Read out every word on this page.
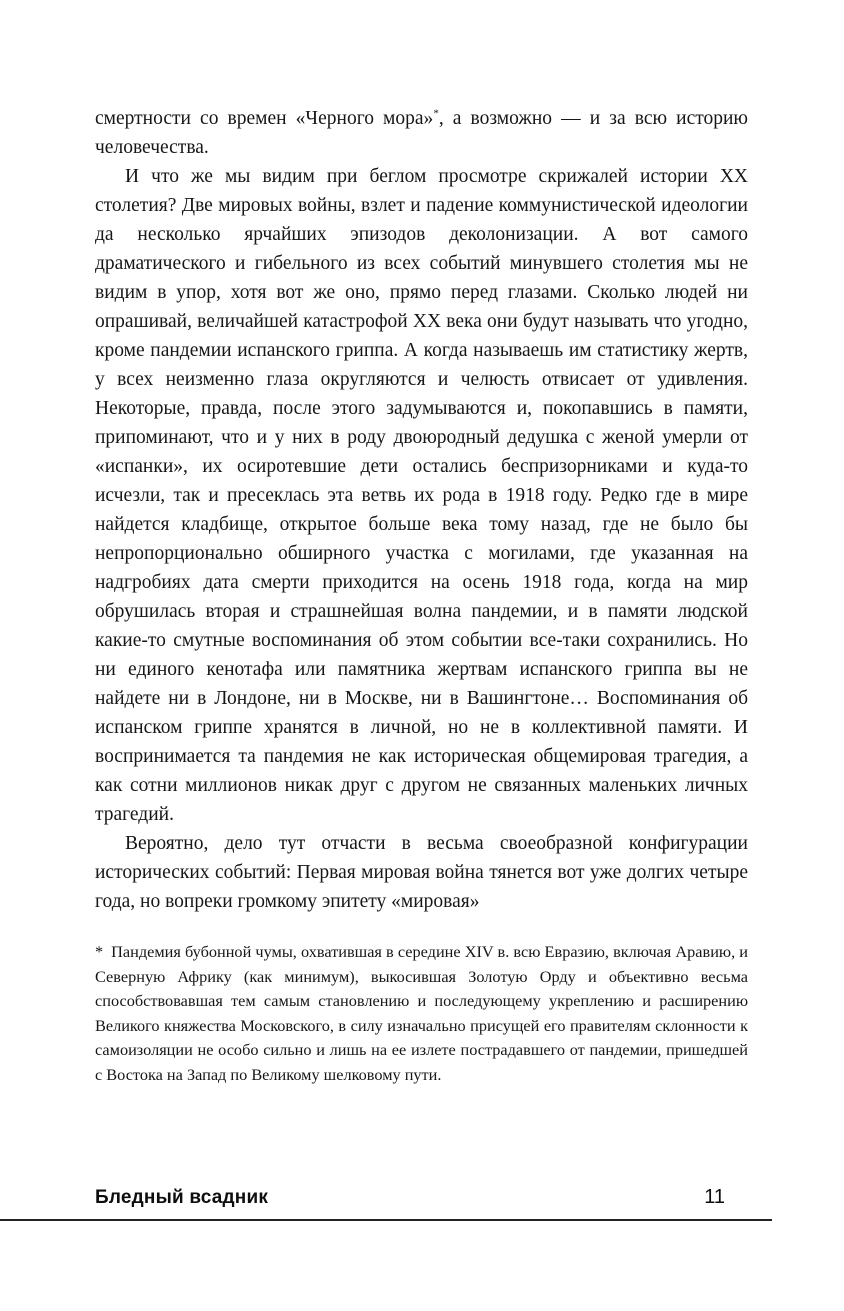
смертности со времен «Черного мора»*, а возможно — и за всю историю человечества.

И что же мы видим при беглом просмотре скрижалей истории XX столетия? Две мировых войны, взлет и падение коммунистической идеологии да несколько ярчайших эпизодов деколонизации. А вот самого драматического и гибельного из всех событий минувшего столетия мы не видим в упор, хотя вот же оно, прямо перед глазами. Сколько людей ни опрашивай, величайшей катастрофой XX века они будут называть что угодно, кроме пандемии испанского гриппа. А когда называешь им статистику жертв, у всех неизменно глаза округляются и челюсть отвисает от удивления. Некоторые, правда, после этого задумываются и, покопавшись в памяти, припоминают, что и у них в роду двоюродный дедушка с женой умерли от «испанки», их осиротевшие дети остались беспризорниками и куда-то исчезли, так и пресеклась эта ветвь их рода в 1918 году. Редко где в мире найдется кладбище, открытое больше века тому назад, где не было бы непропорционально обширного участка с могилами, где указанная на надгробиях дата смерти приходится на осень 1918 года, когда на мир обрушилась вторая и страшнейшая волна пандемии, и в памяти людской какие-то смутные воспоминания об этом событии все-таки сохранились. Но ни единого кенотафа или памятника жертвам испанского гриппа вы не найдете ни в Лондоне, ни в Москве, ни в Вашингтоне… Воспоминания об испанском гриппе хранятся в личной, но не в коллективной памяти. И воспринимается та пандемия не как историческая общемировая трагедия, а как сотни миллионов никак друг с другом не связанных маленьких личных трагедий.

Вероятно, дело тут отчасти в весьма своеобразной конфигурации исторических событий: Первая мировая война тянется вот уже долгих четыре года, но вопреки громкому эпитету «мировая»

* Пандемия бубонной чумы, охватившая в середине XIV в. всю Евразию, включая Аравию, и Северную Африку (как минимум), выкосившая Золотую Орду и объективно весьма способствовавшая тем самым становлению и последующему укреплению и расширению Великого княжества Московского, в силу изначально присущей его правителям склонности к самоизоляции не особо сильно и лишь на ее излете пострадавшего от пандемии, пришедшей с Востока на Запад по Великому шелковому пути.
Бледный всадник	11
